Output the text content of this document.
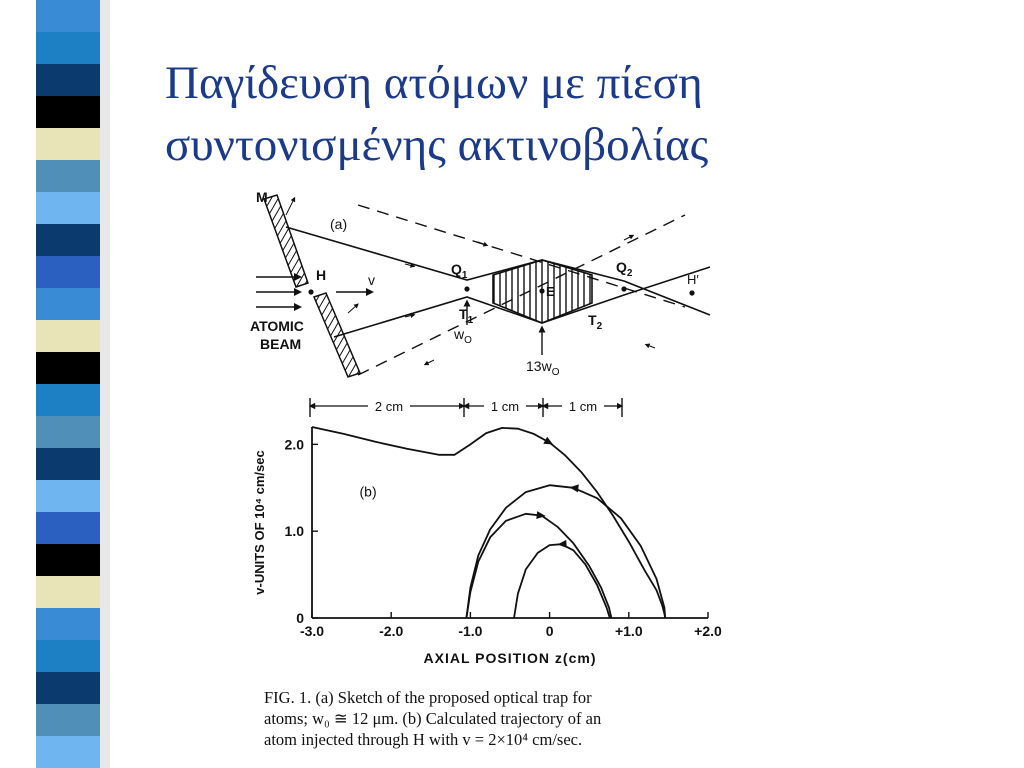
Παγίδευση ατόμων με πίεση
συντονισμένης ακτινοβολίας
M
(a)
H	v
ATOMIC
BEAM
$Q_1$
$Q_2$
E
H′
$T_1$	$T_2$
$w_O$
$13w_O$
2 cm	1 cm	1 cm
-3.0	-2.0	-1.0	0	+1.0	+2.0
0
1.0
2.0
AXIAL POSITION z(cm)
v-UNITS OF 10⁴ cm/sec	(b)
FIG. 1. (a) Sketch of the proposed optical trap for
atoms; w₀ ≅ 12 μm. (b) Calculated trajectory of an
atom injected through H with v = 2×10⁴ cm/sec.
